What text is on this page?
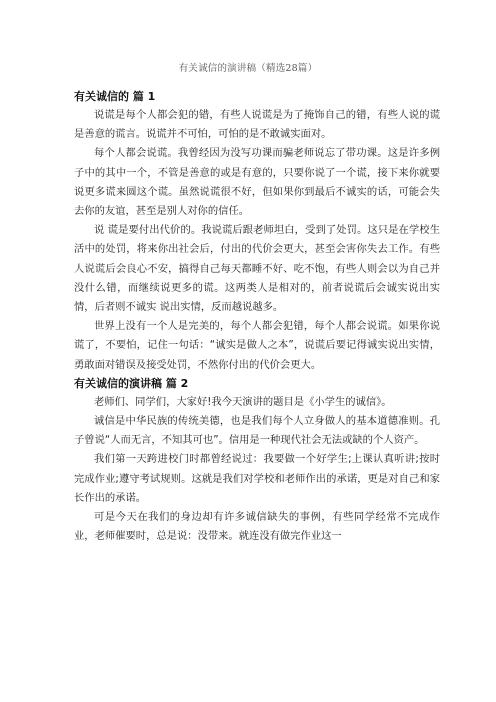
有关诚信的演讲稿（精选28篇）

有关诚信的 篇 1

说谎是每个人都会犯的错，有些人说谎是为了掩饰自己的错，有些人说的谎是善意的谎言。说谎并不可怕，可怕的是不敢诚实面对。

每个人都会说谎。我曾经因为没写功课而骗老师说忘了带功课。这是许多例子中的其中一个，不管是善意的或是有意的，只要你说了一个谎，接下来你就要说更多谎来圆这个谎。虽然说谎很不好，但如果你到最后不诚实的话，可能会失去你的友谊，甚至是别人对你的信任。

说 谎是要付出代价的。我说谎后跟老师坦白，受到了处罚。这只是在学校生活中的处罚，将来你出社会后，付出的代价会更大，甚至会害你失去工作。有些人说谎后会良心不安，搞得自己每天都睡不好、吃不饱，有些人则会以为自己并没什么错，而继续说更多的谎。这两类人是相对的，前者说谎后会诚实说出实情，后者则不诚实 说出实情，反而越说越多。

世界上没有一个人是完美的，每个人都会犯错，每个人都会说谎。如果你说谎了，不要怕，记住一句话：“诚实是做人之本”，说谎后要记得诚实说出实情，勇敢面对错误及接受处罚，不然你付出的代价会更大。

有关诚信的演讲稿 篇 2

老师们、同学们，大家好!我今天演讲的题目是《小学生的诚信》。

诚信是中华民族的传统美德，也是我们每个人立身做人的基本道德准则。孔子曾说“人而无言，不知其可也”。信用是一种现代社会无法或缺的个人资产。

我们第一天跨进校门时都曾经说过：我要做一个好学生;上课认真听讲;按时完成作业;遵守考试规则。这就是我们对学校和老师作出的承诺，更是对自己和家长作出的承诺。

可是今天在我们的身边却有许多诚信缺失的事例，有些同学经常不完成作业，老师催要时，总是说：没带来。就连没有做完作业这一
